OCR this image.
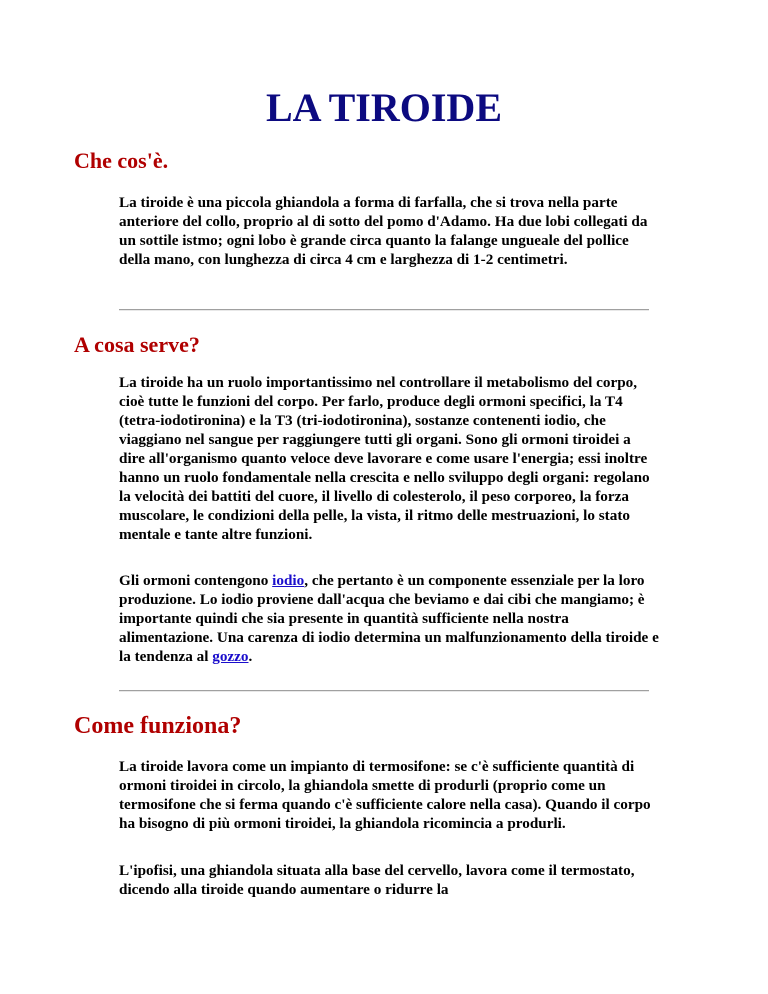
LA TIROIDE
Che cos'è.

La tiroide è una piccola ghiandola a forma di farfalla, che si trova nella parte anteriore del collo, proprio al di sotto del pomo d'Adamo. Ha due lobi collegati da un sottile istmo; ogni lobo è grande circa quanto la falange ungueale del pollice della mano, con lunghezza di circa 4 cm e larghezza di 1-2 centimetri.

A cosa serve?

La tiroide ha un ruolo importantissimo nel controllare il metabolismo del corpo, cioè tutte le funzioni del corpo. Per farlo, produce degli ormoni specifici, la T4 (tetra-iodotironina) e la T3 (tri-iodotironina), sostanze contenenti iodio, che viaggiano nel sangue per raggiungere tutti gli organi. Sono gli ormoni tiroidei a dire all'organismo quanto veloce deve lavorare e come usare l'energia; essi inoltre hanno un ruolo fondamentale nella crescita e nello sviluppo degli organi: regolano la velocità dei battiti del cuore, il livello di colesterolo, il peso corporeo, la forza muscolare, le condizioni della pelle, la vista, il ritmo delle mestruazioni, lo stato mentale e tante altre funzioni.

Gli ormoni contengono iodio, che pertanto è un componente essenziale per la loro produzione. Lo iodio proviene dall'acqua che beviamo e dai cibi che mangiamo; è importante quindi che sia presente in quantità sufficiente nella nostra alimentazione. Una carenza di iodio determina un malfunzionamento della tiroide e la tendenza al gozzo.

Come funziona?

La tiroide lavora come un impianto di termosifone: se c'è sufficiente quantità di ormoni tiroidei in circolo, la ghiandola smette di produrli (proprio come un termosifone che si ferma quando c'è sufficiente calore nella casa). Quando il corpo ha bisogno di più ormoni tiroidei, la ghiandola ricomincia a produrli.

L'ipofisi, una ghiandola situata alla base del cervello, lavora come il termostato, dicendo alla tiroide quando aumentare o ridurre la
